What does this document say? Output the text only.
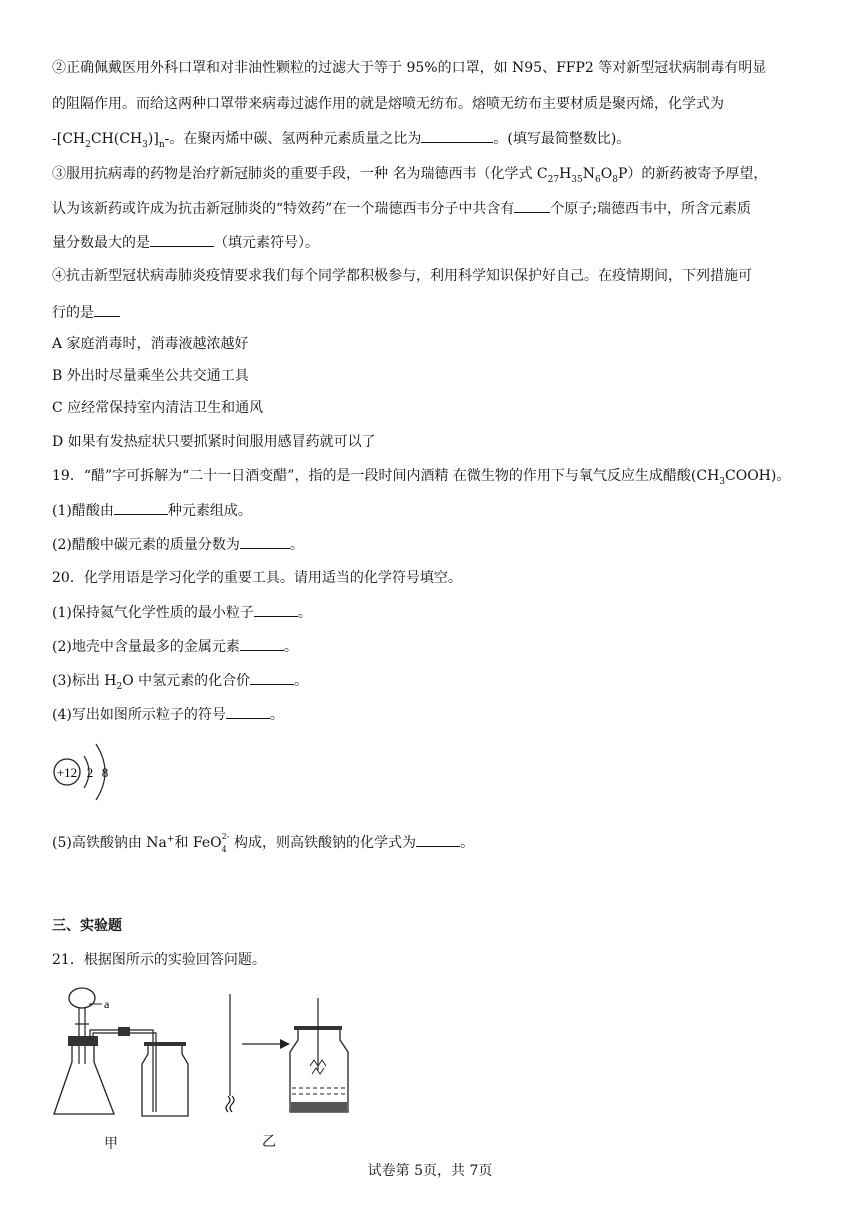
②正确佩戴医用外科口罩和对非油性颗粒的过滤大于等于 95%的口罩，如 N95、FFP2 等对新型冠状病制毒有明显
的阻隔作用。而给这两种口罩带来病毒过滤作用的就是熔喷无纺布。熔喷无纺布主要材质是聚丙烯，化学式为
$-[CH_2CH(CH_3)]_n-$。在聚丙烯中碳、氢两种元素质量之比为	。(填写最简整数比)。
③服用抗病毒的药物是治疗新冠肺炎的重要手段，一种 名为瑞德西韦（化学式 $C_{27}H_{35}N_6O_8P$）的新药被寄予厚望，
认为该新药或许成为抗击新冠肺炎的“特效药”在一个瑞德西韦分子中共含有	个原子;瑞德西韦中，所含元素质
量分数最大的是	（填元素符号）。
④抗击新型冠状病毒肺炎疫情要求我们每个同学都积极参与，利用科学知识保护好自己。在疫情期间，下列措施可
行的是
A 家庭消毒时，消毒液越浓越好
B 外出时尽量乘坐公共交通工具
C 应经常保持室内清洁卫生和通风
D 如果有发热症状只要抓紧时间服用感冒药就可以了
19．“醋”字可拆解为“二十一日酒变醋”，指的是一段时间内酒精 在微生物的作用下与氧气反应生成醋酸$(CH_3COOH)$。
(1)醋酸由	种元素组成。
(2)醋酸中碳元素的质量分数为	。
20．化学用语是学习化学的重要工具。请用适当的化学符号填空。
(1)保持氦气化学性质的最小粒子	。
(2)地壳中含量最多的金属元素	。
(3)标出 $H_2O$ 中氢元素的化合价	。
(4)写出如图所示粒子的符号	。
+12 2 8
(5)高铁酸钠由 Na+和 FeO 2-
4 构成，则高铁酸钠的化学式为	。
三、实验题
21．根据图所示的实验回答问题。
a
甲	乙
试卷第 5页，共 7页
